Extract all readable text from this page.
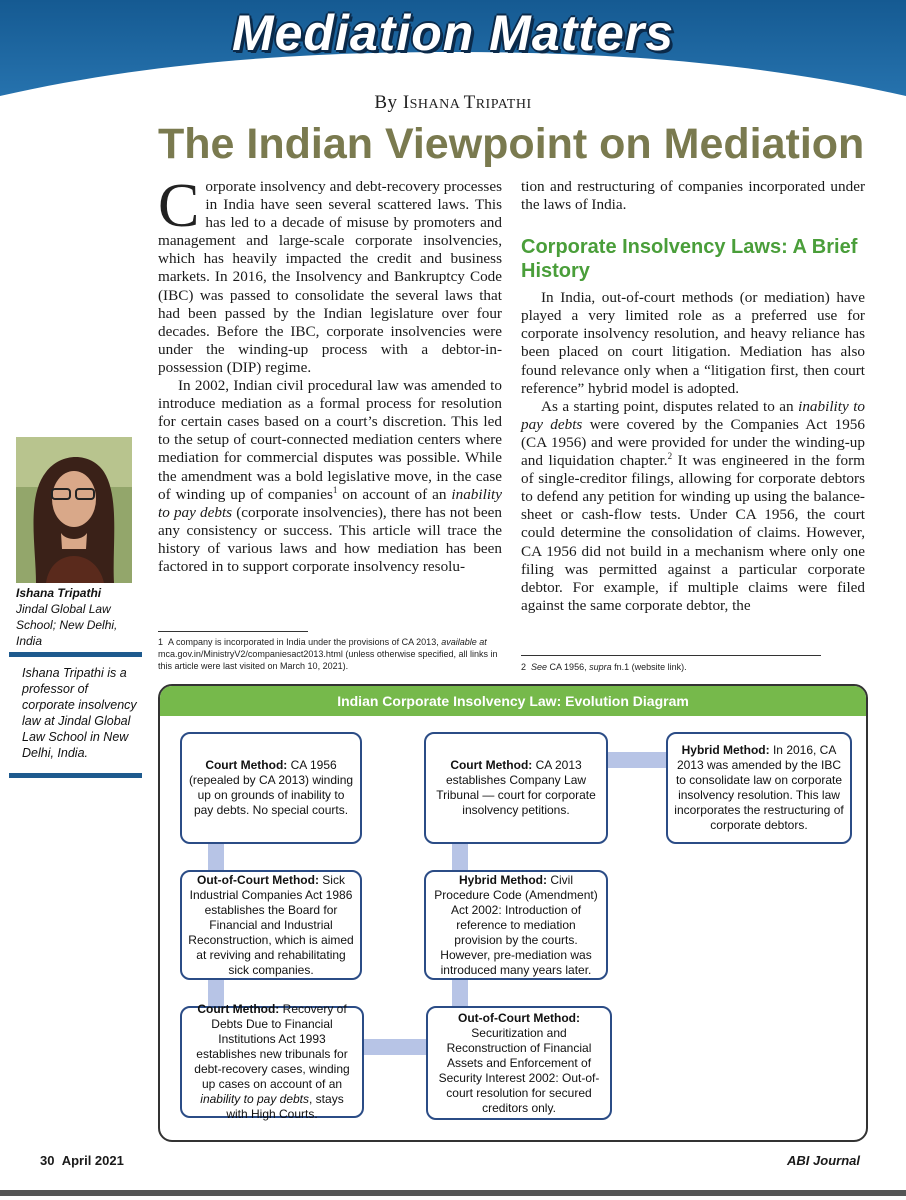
Mediation Matters
By ISHANA TRIPATHI
The Indian Viewpoint on Mediation

Corporate insolvency and debt-recovery processes in India have seen several scattered laws. This has led to a decade of misuse by promoters and management and large-scale corporate insolvencies, which has heavily impacted the credit and business markets. In 2016, the Insolvency and Bankruptcy Code (IBC) was passed to consolidate the several laws that had been passed by the Indian legislature over four decades. Before the IBC, corporate insolvencies were under the winding-up process with a debtor-in-possession (DIP) regime.

In 2002, Indian civil procedural law was amended to introduce mediation as a formal process for resolution for certain cases based on a court’s discretion. This led to the setup of court-connected mediation centers where mediation for commercial disputes was possible. While the amendment was a bold legislative move, in the case of winding up of companies$^1$ on account of an inability to pay debts (corporate insolvencies), there has not been any consistency or success. This article will trace the history of various laws and how mediation has been factored in to support corporate insolvency resolu-

tion and restructuring of companies incorporated under the laws of India.

Corporate Insolvency Laws: A Brief History

In India, out-of-court methods (or mediation) have played a very limited role as a preferred use for corporate insolvency resolution, and heavy reliance has been placed on court litigation. Mediation has also found relevance only when a “litigation first, then court reference” hybrid model is adopted.

As a starting point, disputes related to an inability to pay debts were covered by the Companies Act 1956 (CA 1956) and were provided for under the winding-up and liquidation chapter.$^2$ It was engineered in the form of single-creditor filings, allowing for corporate debtors to defend any petition for winding up using the balance-sheet or cash-flow tests. Under CA 1956, the court could determine the consolidation of claims. However, CA 1956 did not build in a mechanism where only one filing was permitted against a particular corporate debtor. For example, if multiple claims were filed against the same corporate debtor, the

Ishana Tripathi
Jindal Global Law School; New Delhi, India
Ishana Tripathi is a professor of corporate insolvency law at Jindal Global Law School in New Delhi, India.
1 A company is incorporated in India under the provisions of CA 2013, available at mca.gov.in/MinistryV2/companiesact2013.html (unless otherwise specified, all links in this article were last visited on March 10, 2021).	2 See CA 1956, supra fn.1 (website link).
Indian Corporate Insolvency Law: Evolution Diagram
Court Method: CA 1956 (repealed by CA 2013) winding up on grounds of inability to pay debts. No special courts.
Out-of-Court Method: Sick Industrial Companies Act 1986 establishes the Board for Financial and Industrial Reconstruction, which is aimed at reviving and rehabilitating sick companies.
Court Method: Recovery of Debts Due to Financial Institutions Act 1993 establishes new tribunals for debt-recovery cases, winding up cases on account of an inability to pay debts, stays with High Courts.
Court Method: CA 2013 establishes Company Law Tribunal — court for corporate insolvency petitions.
Hybrid Method: Civil Procedure Code (Amendment) Act 2002: Introduction of reference to mediation provision by the courts. However, pre-mediation was introduced many years later.
Out-of-Court Method:
Securitization and Reconstruction of Financial Assets and Enforcement of Security Interest 2002: Out-of-court resolution for secured creditors only.
Hybrid Method: In 2016, CA 2013 was amended by the IBC to consolidate law on corporate insolvency resolution. This law incorporates the restructuring of corporate debtors.
30 April 2021	ABI Journal
